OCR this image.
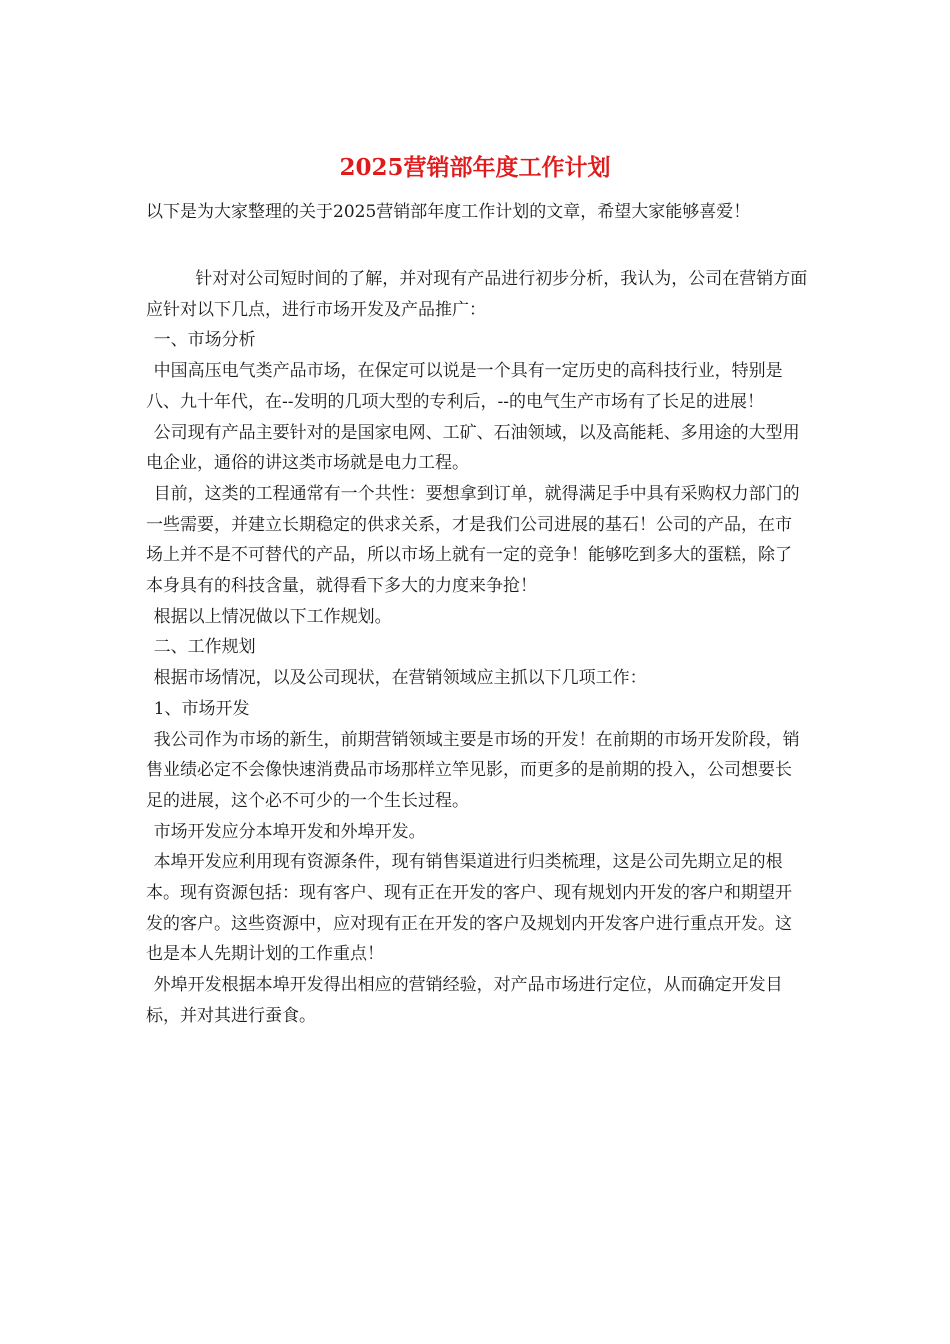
2025营销部年度工作计划

以下是为大家整理的关于2025营销部年度工作计划的文章，希望大家能够喜爱！

针对对公司短时间的了解，并对现有产品进行初步分析，我认为，公司在营销方面应针对以下几点，进行市场开发及产品推广：

一、市场分析

中国高压电气类产品市场，在保定可以说是一个具有一定历史的高科技行业，特别是八、九十年代，在--发明的几项大型的专利后，--的电气生产市场有了长足的进展！

公司现有产品主要针对的是国家电网、工矿、石油领域，以及高能耗、多用途的大型用电企业，通俗的讲这类市场就是电力工程。

目前，这类的工程通常有一个共性：要想拿到订单，就得满足手中具有采购权力部门的一些需要，并建立长期稳定的供求关系，才是我们公司进展的基石！公司的产品，在市场上并不是不可替代的产品，所以市场上就有一定的竞争！能够吃到多大的蛋糕，除了本身具有的科技含量，就得看下多大的力度来争抢！

根据以上情况做以下工作规划。

二、工作规划

根据市场情况，以及公司现状，在营销领域应主抓以下几项工作：

1、市场开发

我公司作为市场的新生，前期营销领域主要是市场的开发！在前期的市场开发阶段，销售业绩必定不会像快速消费品市场那样立竿见影，而更多的是前期的投入，公司想要长足的进展，这个必不可少的一个生长过程。

市场开发应分本埠开发和外埠开发。

本埠开发应利用现有资源条件，现有销售渠道进行归类梳理，这是公司先期立足的根本。现有资源包括：现有客户、现有正在开发的客户、现有规划内开发的客户和期望开发的客户。这些资源中，应对现有正在开发的客户及规划内开发客户进行重点开发。这也是本人先期计划的工作重点！

外埠开发根据本埠开发得出相应的营销经验，对产品市场进行定位，从而确定开发目标，并对其进行蚕食。
